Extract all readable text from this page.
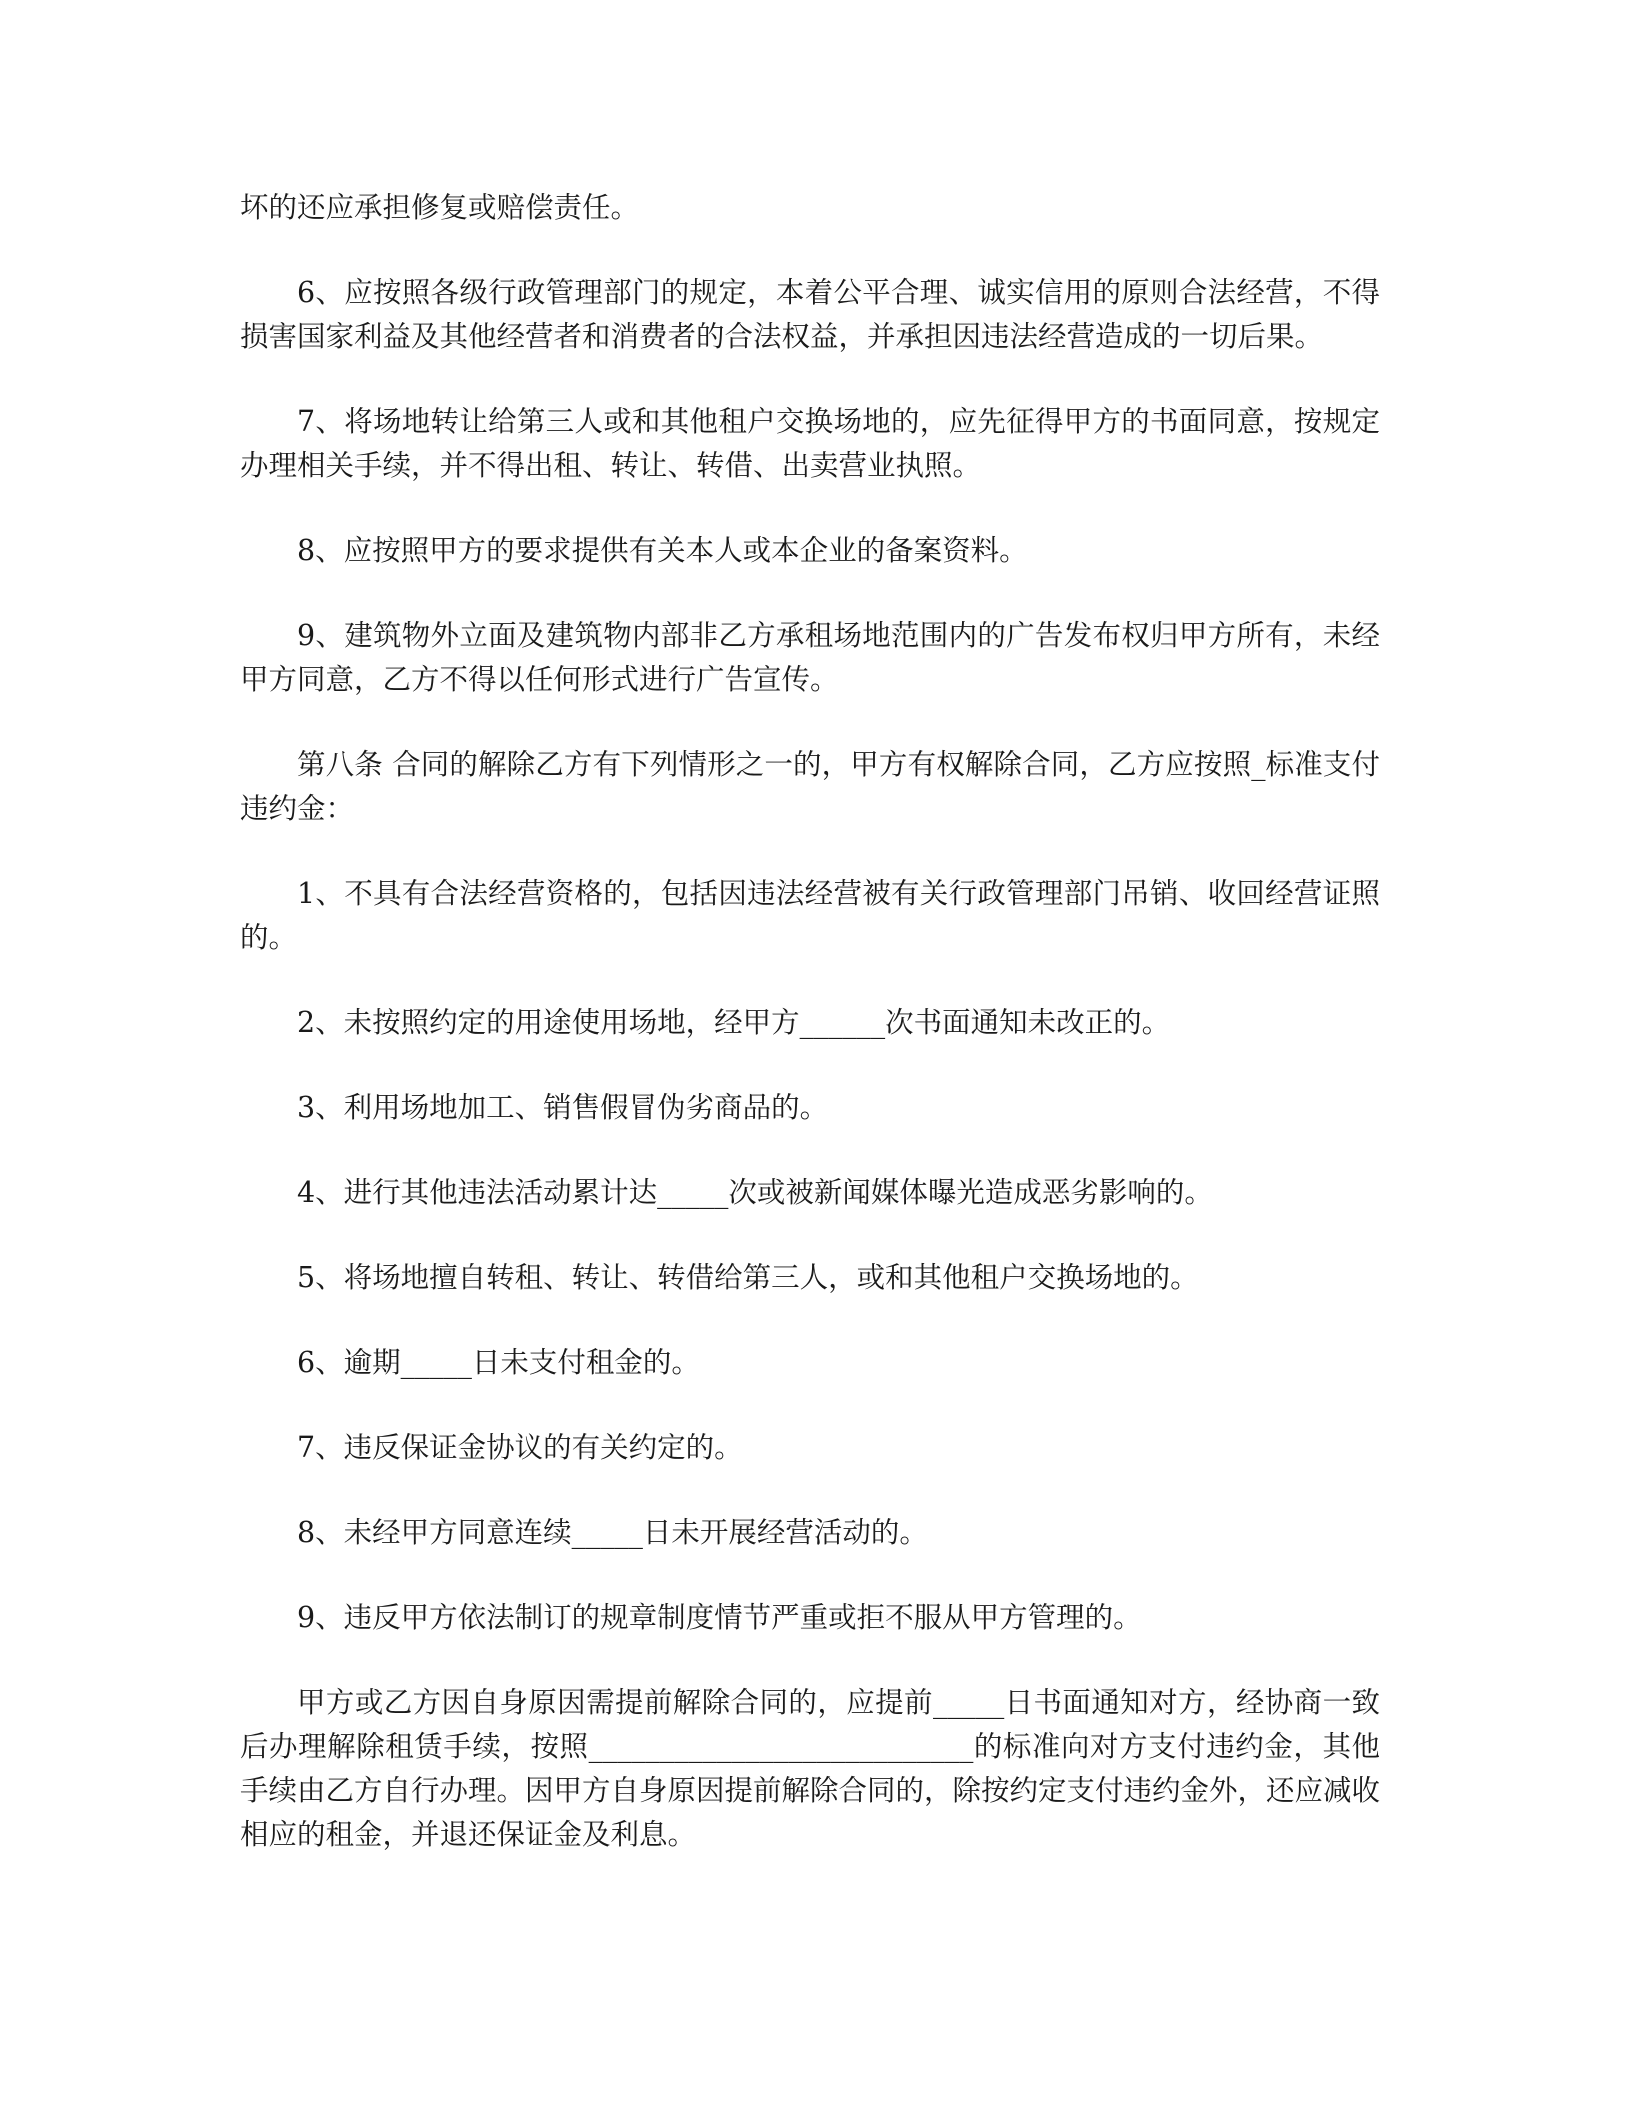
坏的还应承担修复或赔偿责任。

6、应按照各级行政管理部门的规定，本着公平合理、诚实信用的原则合法经营，不得损害国家利益及其他经营者和消费者的合法权益，并承担因违法经营造成的一切后果。

7、将场地转让给第三人或和其他租户交换场地的，应先征得甲方的书面同意，按规定办理相关手续，并不得出租、转让、转借、出卖营业执照。

8、应按照甲方的要求提供有关本人或本企业的备案资料。

9、建筑物外立面及建筑物内部非乙方承租场地范围内的广告发布权归甲方所有，未经甲方同意，乙方不得以任何形式进行广告宣传。

第八条 合同的解除乙方有下列情形之一的，甲方有权解除合同，乙方应按照_标准支付违约金：

1、不具有合法经营资格的，包括因违法经营被有关行政管理部门吊销、收回经营证照的。

2、未按照约定的用途使用场地，经甲方______次书面通知未改正的。

3、利用场地加工、销售假冒伪劣商品的。

4、进行其他违法活动累计达_____次或被新闻媒体曝光造成恶劣影响的。

5、将场地擅自转租、转让、转借给第三人，或和其他租户交换场地的。

6、逾期_____日未支付租金的。

7、违反保证金协议的有关约定的。

8、未经甲方同意连续_____日未开展经营活动的。

9、违反甲方依法制订的规章制度情节严重或拒不服从甲方管理的。

甲方或乙方因自身原因需提前解除合同的，应提前_____日书面通知对方，经协商一致后办理解除租赁手续，按照___________________________的标准向对方支付违约金，其他手续由乙方自行办理。因甲方自身原因提前解除合同的，除按约定支付违约金外，还应减收相应的租金，并退还保证金及利息。
